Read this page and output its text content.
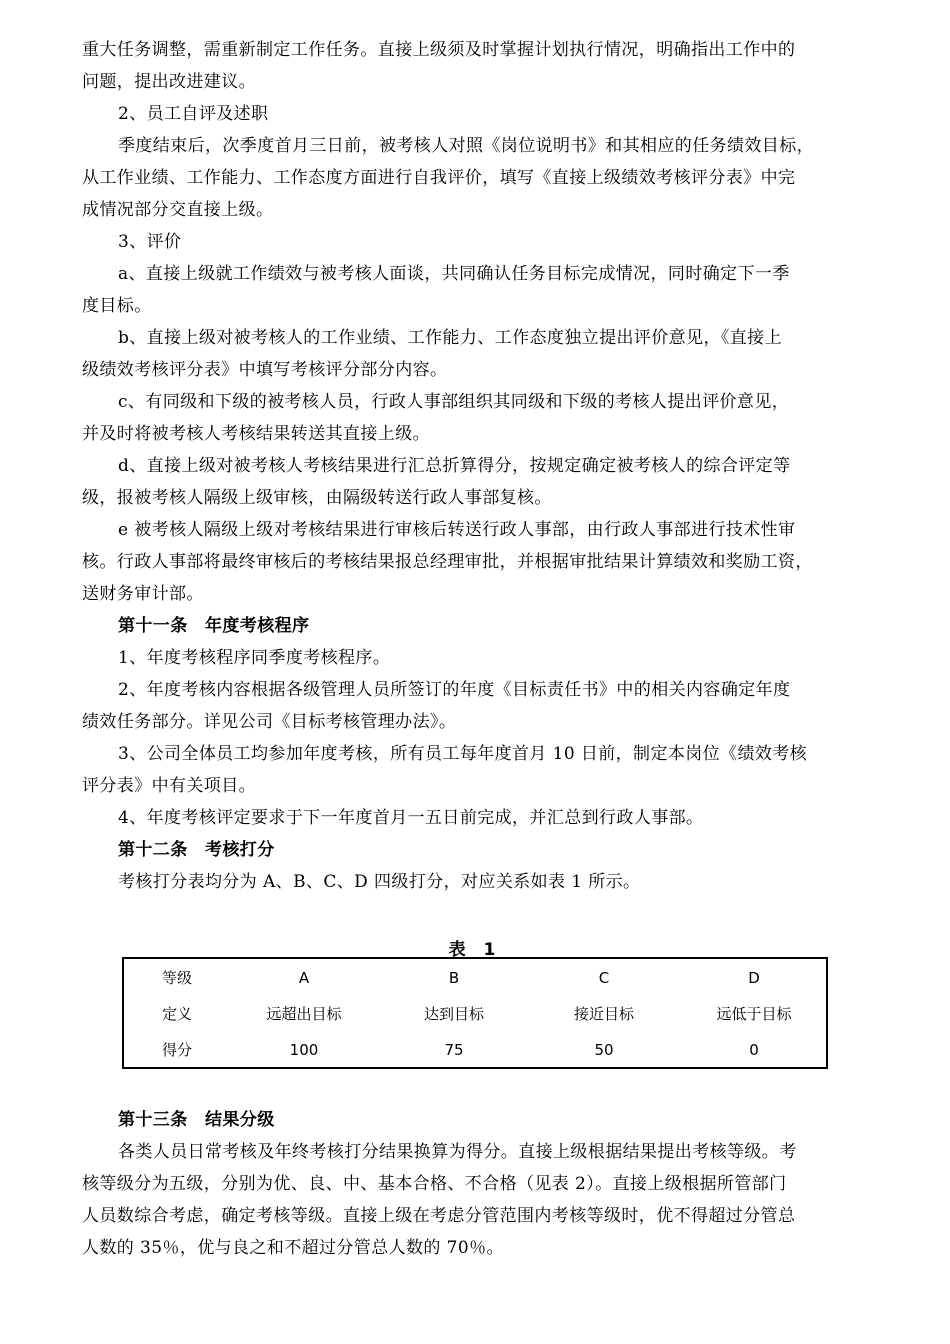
重大任务调整，需重新制定工作任务。直接上级须及时掌握计划执行情况，明确指出工作中的
问题，提出改进建议。
2、员工自评及述职
季度结束后，次季度首月三日前，被考核人对照《岗位说明书》和其相应的任务绩效目标，
从工作业绩、工作能力、工作态度方面进行自我评价，填写《直接上级绩效考核评分表》中完
成情况部分交直接上级。
3、评价
a、直接上级就工作绩效与被考核人面谈，共同确认任务目标完成情况，同时确定下一季
度目标。
b、直接上级对被考核人的工作业绩、工作能力、工作态度独立提出评价意见，《直接上
级绩效考核评分表》中填写考核评分部分内容。
c、有同级和下级的被考核人员，行政人事部组织其同级和下级的考核人提出评价意见，
并及时将被考核人考核结果转送其直接上级。
d、直接上级对被考核人考核结果进行汇总折算得分，按规定确定被考核人的综合评定等
级，报被考核人隔级上级审核，由隔级转送行政人事部复核。
e 被考核人隔级上级对考核结果进行审核后转送行政人事部，由行政人事部进行技术性审
核。行政人事部将最终审核后的考核结果报总经理审批，并根据审批结果计算绩效和奖励工资，
送财务审计部。
第十一条　年度考核程序
1、年度考核程序同季度考核程序。
2、年度考核内容根据各级管理人员所签订的年度《目标责任书》中的相关内容确定年度
绩效任务部分。详见公司《目标考核管理办法》。
3、公司全体员工均参加年度考核，所有员工每年度首月 10 日前，制定本岗位《绩效考核
评分表》中有关项目。
4、年度考核评定要求于下一年度首月一五日前完成，并汇总到行政人事部。
第十二条　考核打分
考核打分表均分为 A、B、C、D 四级打分，对应关系如表 1 所示。
表 1
等级	A	B	C	D
定义	远超出目标	达到目标	接近目标	远低于目标
得分	100	75	50	0
第十三条　结果分级
各类人员日常考核及年终考核打分结果换算为得分。直接上级根据结果提出考核等级。考
核等级分为五级，分别为优、良、中、基本合格、不合格（见表 2）。直接上级根据所管部门
人员数综合考虑，确定考核等级。直接上级在考虑分管范围内考核等级时，优不得超过分管总
人数的 35％，优与良之和不超过分管总人数的 70％。
